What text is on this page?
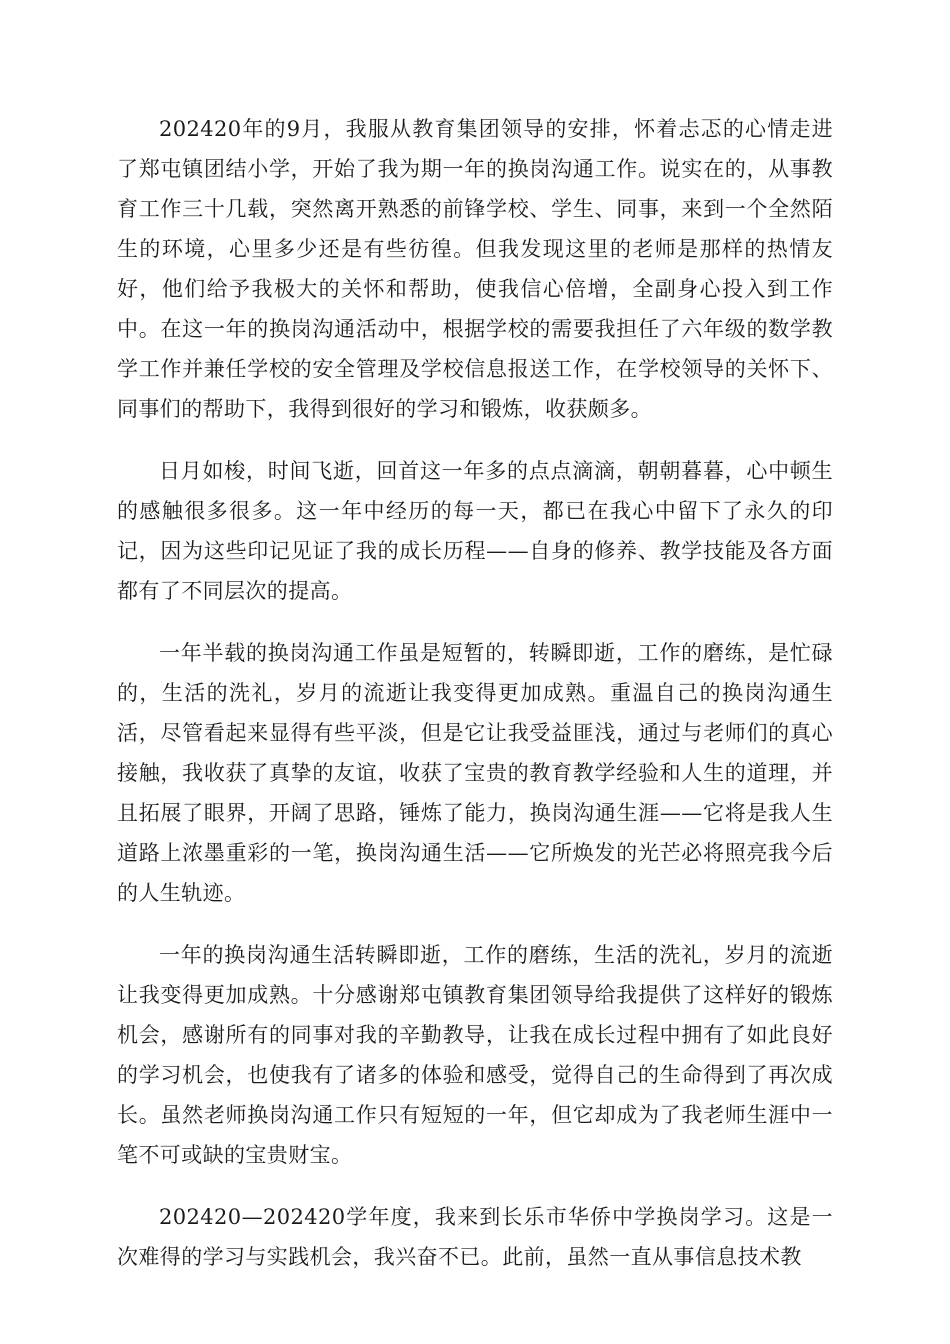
202420年的9月，我服从教育集团领导的安排，怀着忐忑的心情走进了郑屯镇团结小学，开始了我为期一年的换岗沟通工作。说实在的，从事教育工作三十几载，突然离开熟悉的前锋学校、学生、同事，来到一个全然陌生的环境，心里多少还是有些彷徨。但我发现这里的老师是那样的热情友好，他们给予我极大的关怀和帮助，使我信心倍增，全副身心投入到工作中。在这一年的换岗沟通活动中，根据学校的需要我担任了六年级的数学教学工作并兼任学校的安全管理及学校信息报送工作，在学校领导的关怀下、同事们的帮助下，我得到很好的学习和锻炼，收获颇多。

日月如梭，时间飞逝，回首这一年多的点点滴滴，朝朝暮暮，心中顿生的感触很多很多。这一年中经历的每一天，都已在我心中留下了永久的印记，因为这些印记见证了我的成长历程——自身的修养、教学技能及各方面都有了不同层次的提高。

一年半载的换岗沟通工作虽是短暂的，转瞬即逝，工作的磨练，是忙碌的，生活的洗礼，岁月的流逝让我变得更加成熟。重温自己的换岗沟通生活，尽管看起来显得有些平淡，但是它让我受益匪浅，通过与老师们的真心接触，我收获了真挚的友谊，收获了宝贵的教育教学经验和人生的道理，并且拓展了眼界，开阔了思路，锤炼了能力，换岗沟通生涯——它将是我人生道路上浓墨重彩的一笔，换岗沟通生活——它所焕发的光芒必将照亮我今后的人生轨迹。

一年的换岗沟通生活转瞬即逝，工作的磨练，生活的洗礼，岁月的流逝让我变得更加成熟。十分感谢郑屯镇教育集团领导给我提供了这样好的锻炼机会，感谢所有的同事对我的辛勤教导，让我在成长过程中拥有了如此良好的学习机会，也使我有了诸多的体验和感受，觉得自己的生命得到了再次成长。虽然老师换岗沟通工作只有短短的一年，但它却成为了我老师生涯中一笔不可或缺的宝贵财宝。

202420—202420学年度，我来到长乐市华侨中学换岗学习。这是一次难得的学习与实践机会，我兴奋不已。此前，虽然一直从事信息技术教
